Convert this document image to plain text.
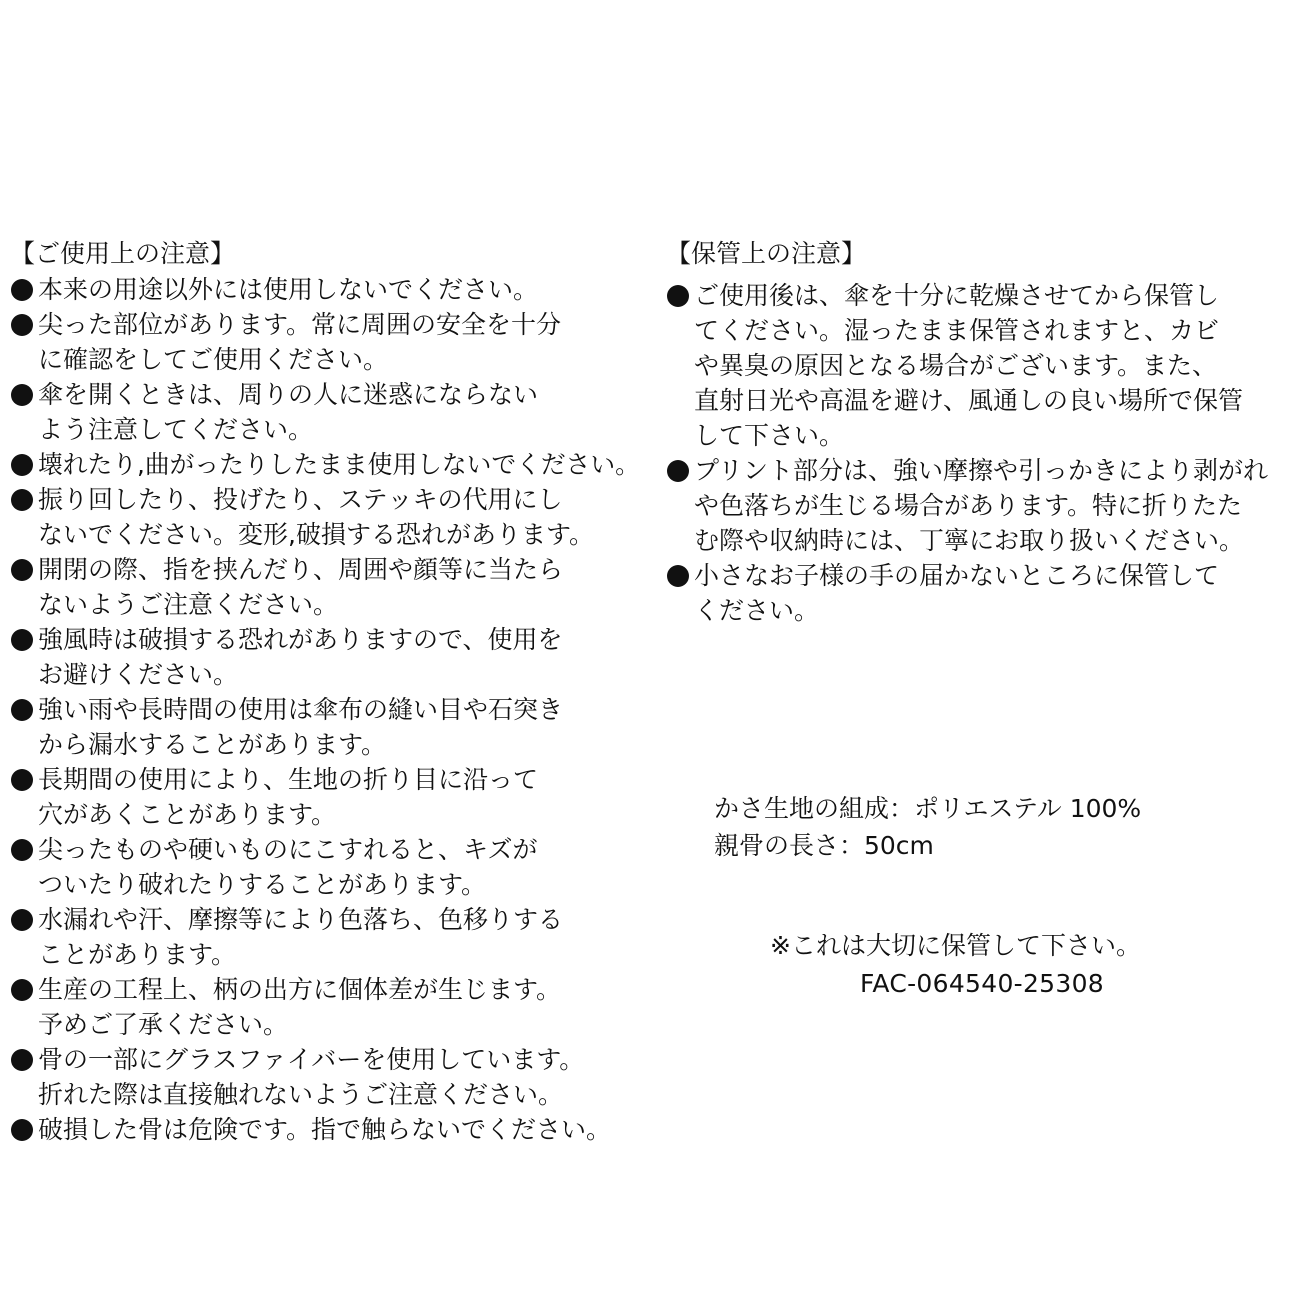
【ご使用上の注意】
本来の用途以外には使用しないでください。
尖った部位があります。常に周囲の安全を十分
に確認をしてご使用ください。
傘を開くときは、周りの人に迷惑にならない
よう注意してください。
壊れたり,曲がったりしたまま使用しないでください。
振り回したり、投げたり、ステッキの代用にし
ないでください。変形,破損する恐れがあります。
開閉の際、指を挟んだり、周囲や顔等に当たら
ないようご注意ください。
強風時は破損する恐れがありますので、使用を
お避けください。
強い雨や長時間の使用は傘布の縫い目や石突き
から漏水することがあります。
長期間の使用により、生地の折り目に沿って
穴があくことがあります。
尖ったものや硬いものにこすれると、キズが
ついたり破れたりすることがあります。
水漏れや汗、摩擦等により色落ち、色移りする
ことがあります。
生産の工程上、柄の出方に個体差が生じます。
予めご了承ください。
骨の一部にグラスファイバーを使用しています。
折れた際は直接触れないようご注意ください。
破損した骨は危険です。指で触らないでください。
【保管上の注意】
ご使用後は、傘を十分に乾燥させてから保管し
てください。湿ったまま保管されますと、カビ
や異臭の原因となる場合がございます。また、
直射日光や高温を避け、風通しの良い場所で保管
して下さい。
プリント部分は、強い摩擦や引っかきにより剥がれ
や色落ちが生じる場合があります。特に折りたた
む際や収納時には、丁寧にお取り扱いください。
小さなお子様の手の届かないところに保管して
ください。
かさ生地の組成：ポリエステル 100%
親骨の長さ：50cm
※これは大切に保管して下さい。
FAC-064540-25308
